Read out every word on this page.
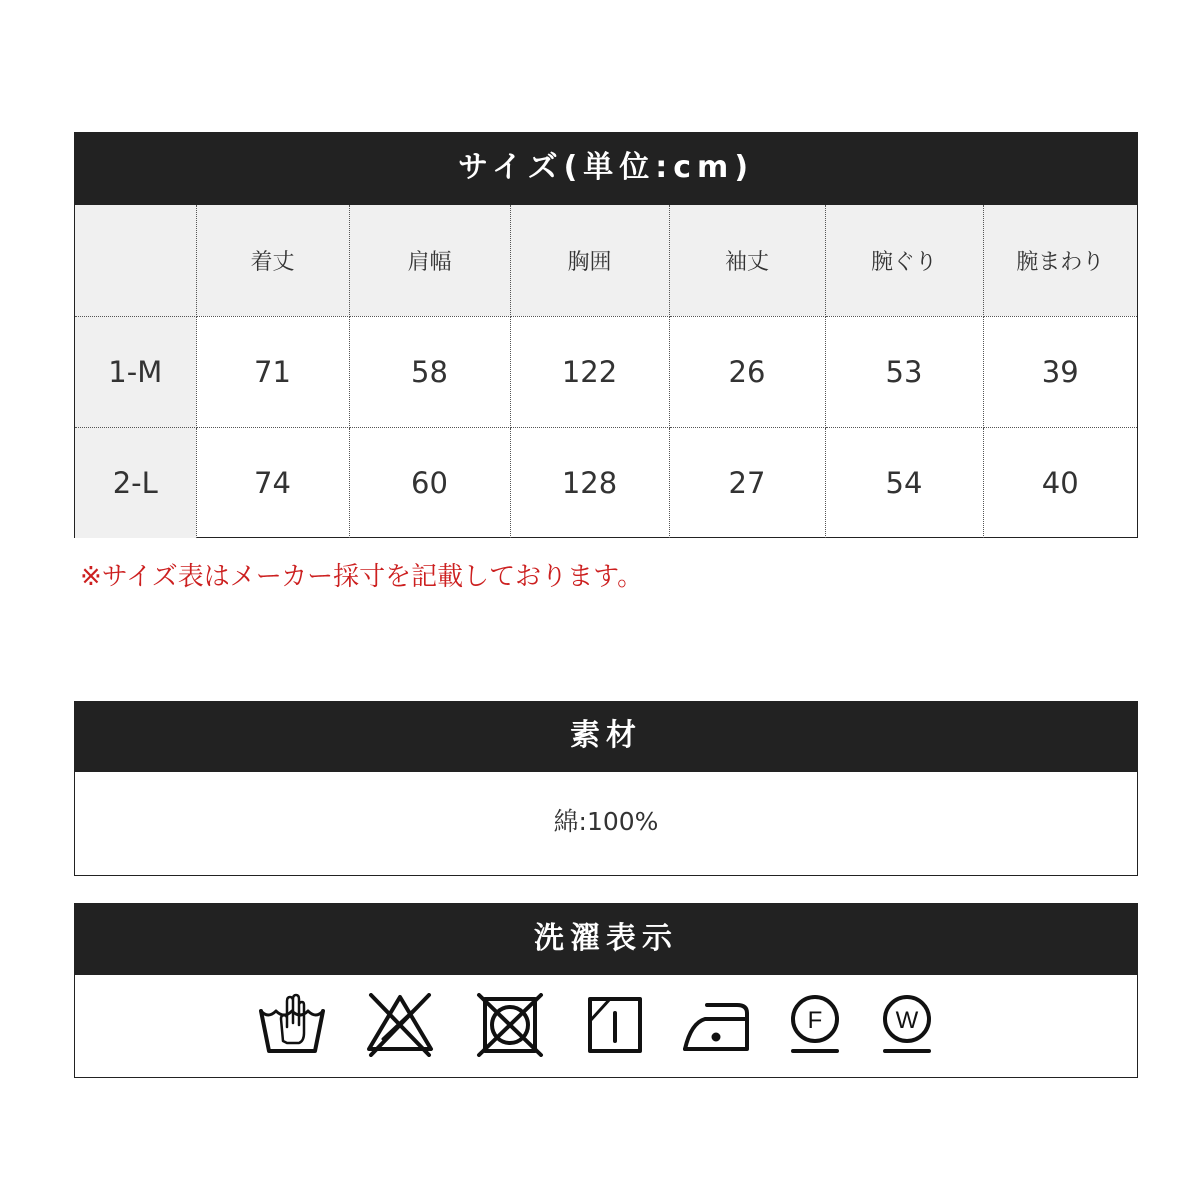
サイズ(単位:cm)
	着丈	肩幅	胸囲	袖丈	腕ぐり	腕まわり
1-M	71	58	122	26	53	39
2-L	74	60	128	27	54	40
※サイズ表はメーカー採寸を記載しております。
素材
綿:100%
洗濯表示
F	W
